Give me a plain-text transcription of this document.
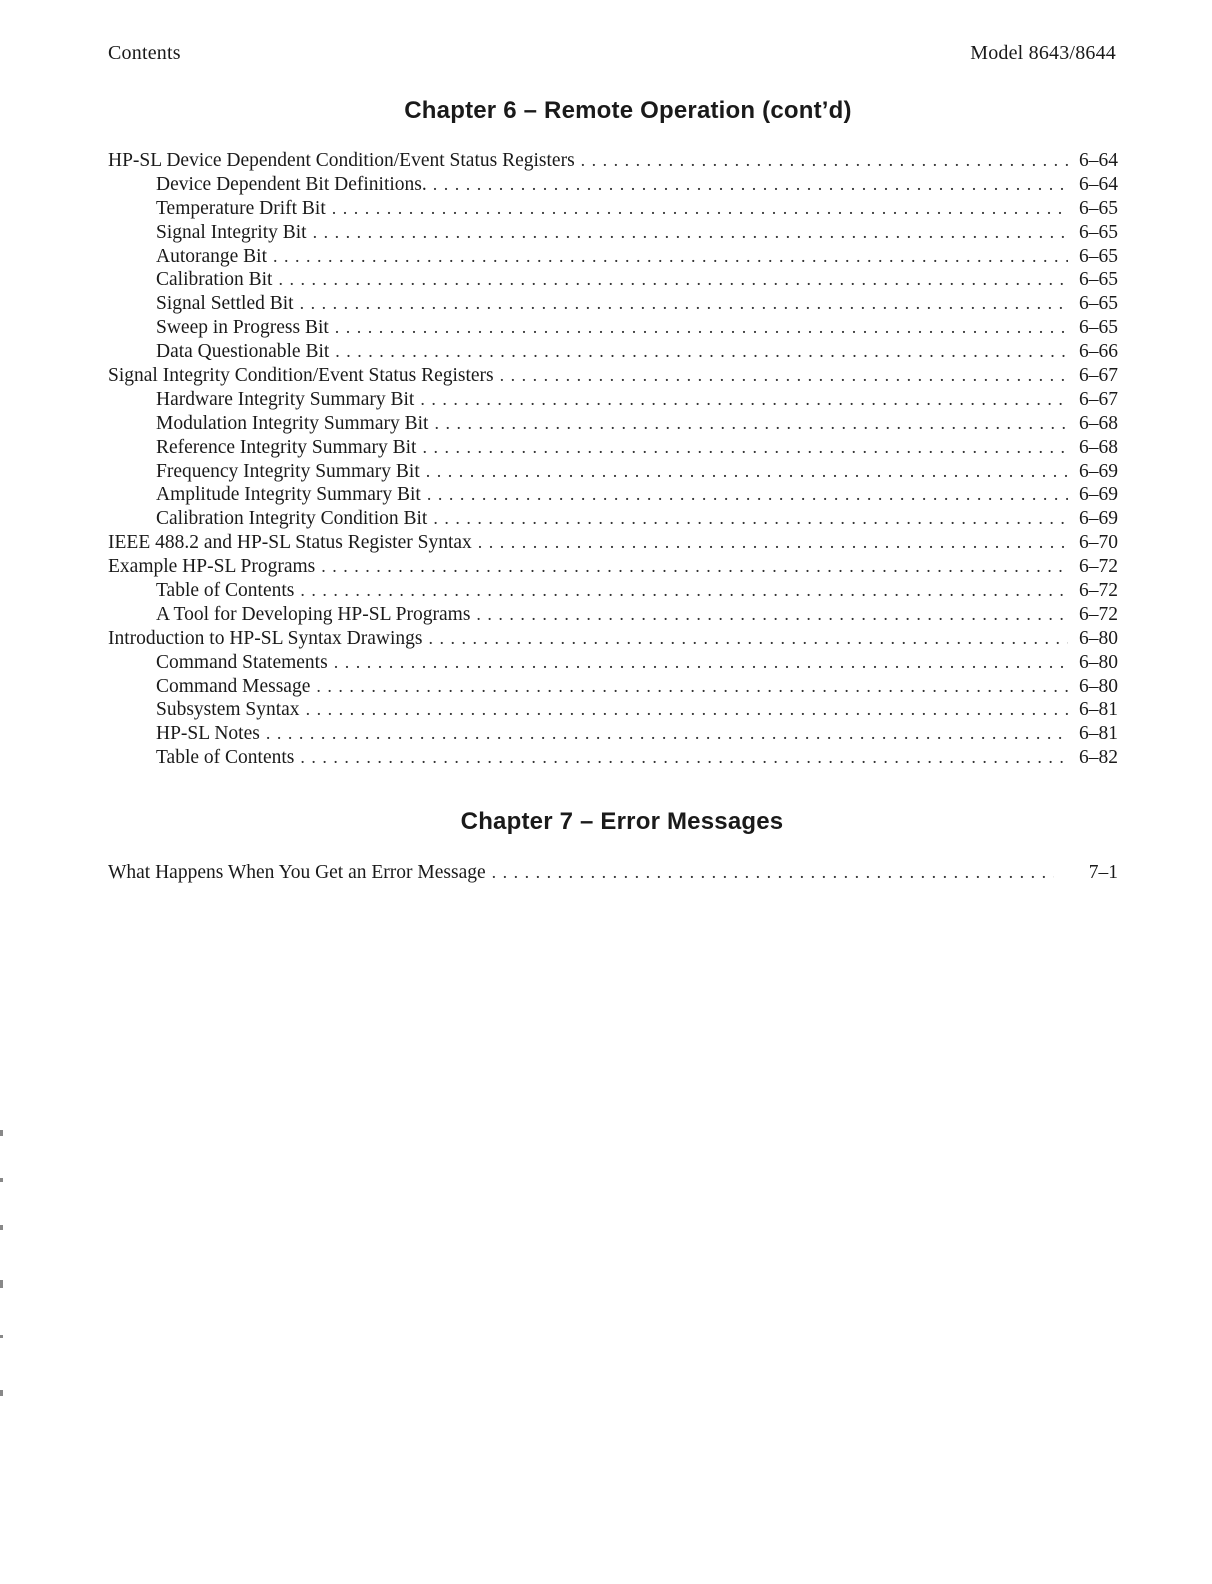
Contents	Model 8643/8644
Chapter 6 – Remote Operation (cont’d)
HP-SL Device Dependent Condition/Event Status Registers . . .	6–64
Device Dependent Bit Definitions. . . .	6–64
Temperature Drift Bit . . .	6–65
Signal Integrity Bit . . .	6–65
Autorange Bit . . .	6–65
Calibration Bit . . .	6–65
Signal Settled Bit . . .	6–65
Sweep in Progress Bit . . .	6–65
Data Questionable Bit . . .	6–66
Signal Integrity Condition/Event Status Registers . . .	6–67
Hardware Integrity Summary Bit . . .	6–67
Modulation Integrity Summary Bit . . .	6–68
Reference Integrity Summary Bit . . .	6–68
Frequency Integrity Summary Bit . . .	6–69
Amplitude Integrity Summary Bit . . .	6–69
Calibration Integrity Condition Bit . . .	6–69
IEEE 488.2 and HP-SL Status Register Syntax . . .	6–70
Example HP-SL Programs . . .	6–72
Table of Contents . . .	6–72
A Tool for Developing HP-SL Programs . . .	6–72
Introduction to HP-SL Syntax Drawings . . .	6–80
Command Statements . . .	6–80
Command Message . . .	6–80
Subsystem Syntax . . .	6–81
HP-SL Notes . . .	6–81
Table of Contents . . .	6–82
Chapter 7 – Error Messages
What Happens When You Get an Error Message . . .	7–1
